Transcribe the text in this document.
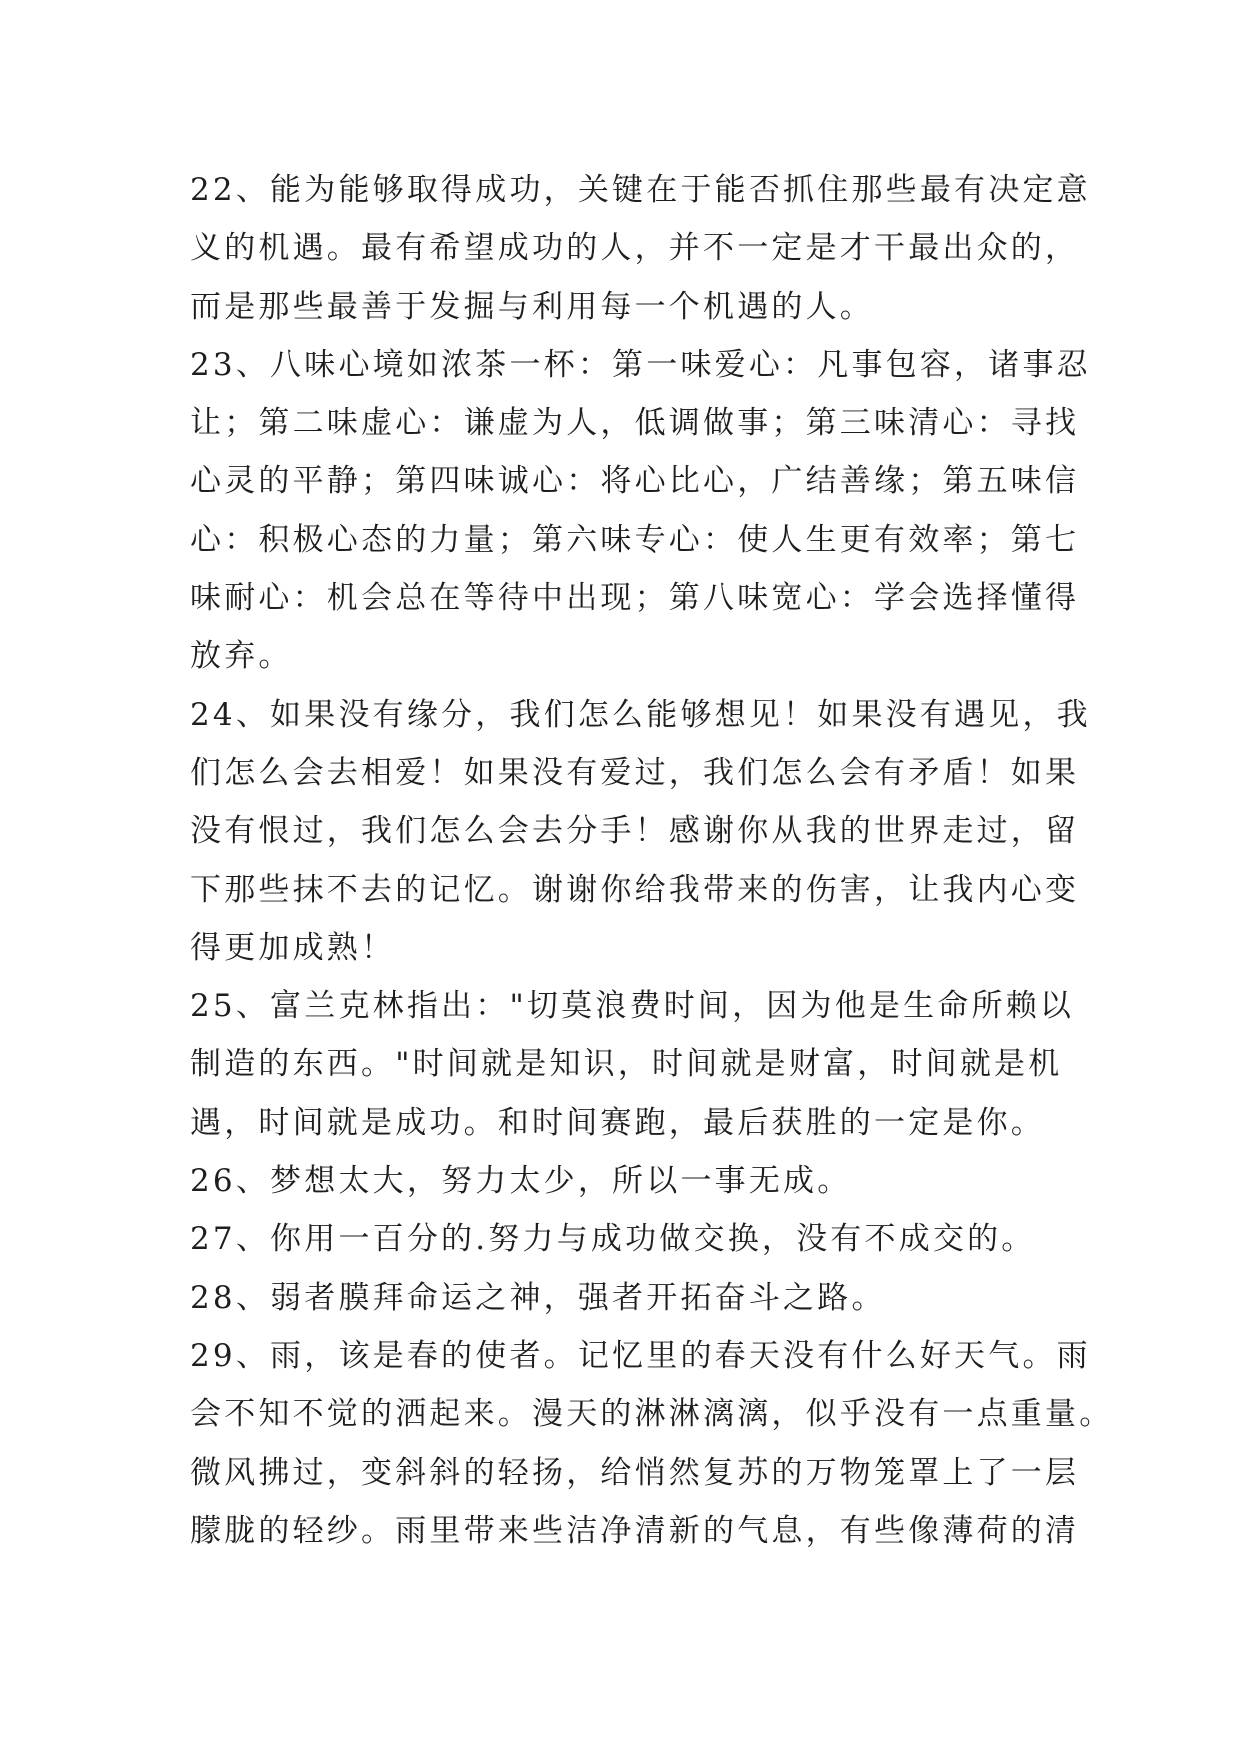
22、能为能够取得成功，关键在于能否抓住那些最有决定意
义的机遇。最有希望成功的人，并不一定是才干最出众的，
而是那些最善于发掘与利用每一个机遇的人。
23、八味心境如浓茶一杯：第一味爱心：凡事包容，诸事忍
让；第二味虚心：谦虚为人，低调做事；第三味清心：寻找
心灵的平静；第四味诚心：将心比心，广结善缘；第五味信
心：积极心态的力量；第六味专心：使人生更有效率；第七
味耐心：机会总在等待中出现；第八味宽心：学会选择懂得
放弃。
24、如果没有缘分，我们怎么能够想见！如果没有遇见，我
们怎么会去相爱！如果没有爱过，我们怎么会有矛盾！如果
没有恨过，我们怎么会去分手！感谢你从我的世界走过，留
下那些抹不去的记忆。谢谢你给我带来的伤害，让我内心变
得更加成熟！
25、富兰克林指出："切莫浪费时间，因为他是生命所赖以
制造的东西。"时间就是知识，时间就是财富，时间就是机
遇，时间就是成功。和时间赛跑，最后获胜的一定是你。
26、梦想太大，努力太少，所以一事无成。
27、你用一百分的.努力与成功做交换，没有不成交的。
28、弱者膜拜命运之神，强者开拓奋斗之路。
29、雨，该是春的使者。记忆里的春天没有什么好天气。雨
会不知不觉的洒起来。漫天的淋淋漓漓，似乎没有一点重量。
微风拂过，变斜斜的轻扬，给悄然复苏的万物笼罩上了一层
朦胧的轻纱。雨里带来些洁净清新的气息，有些像薄荷的清
